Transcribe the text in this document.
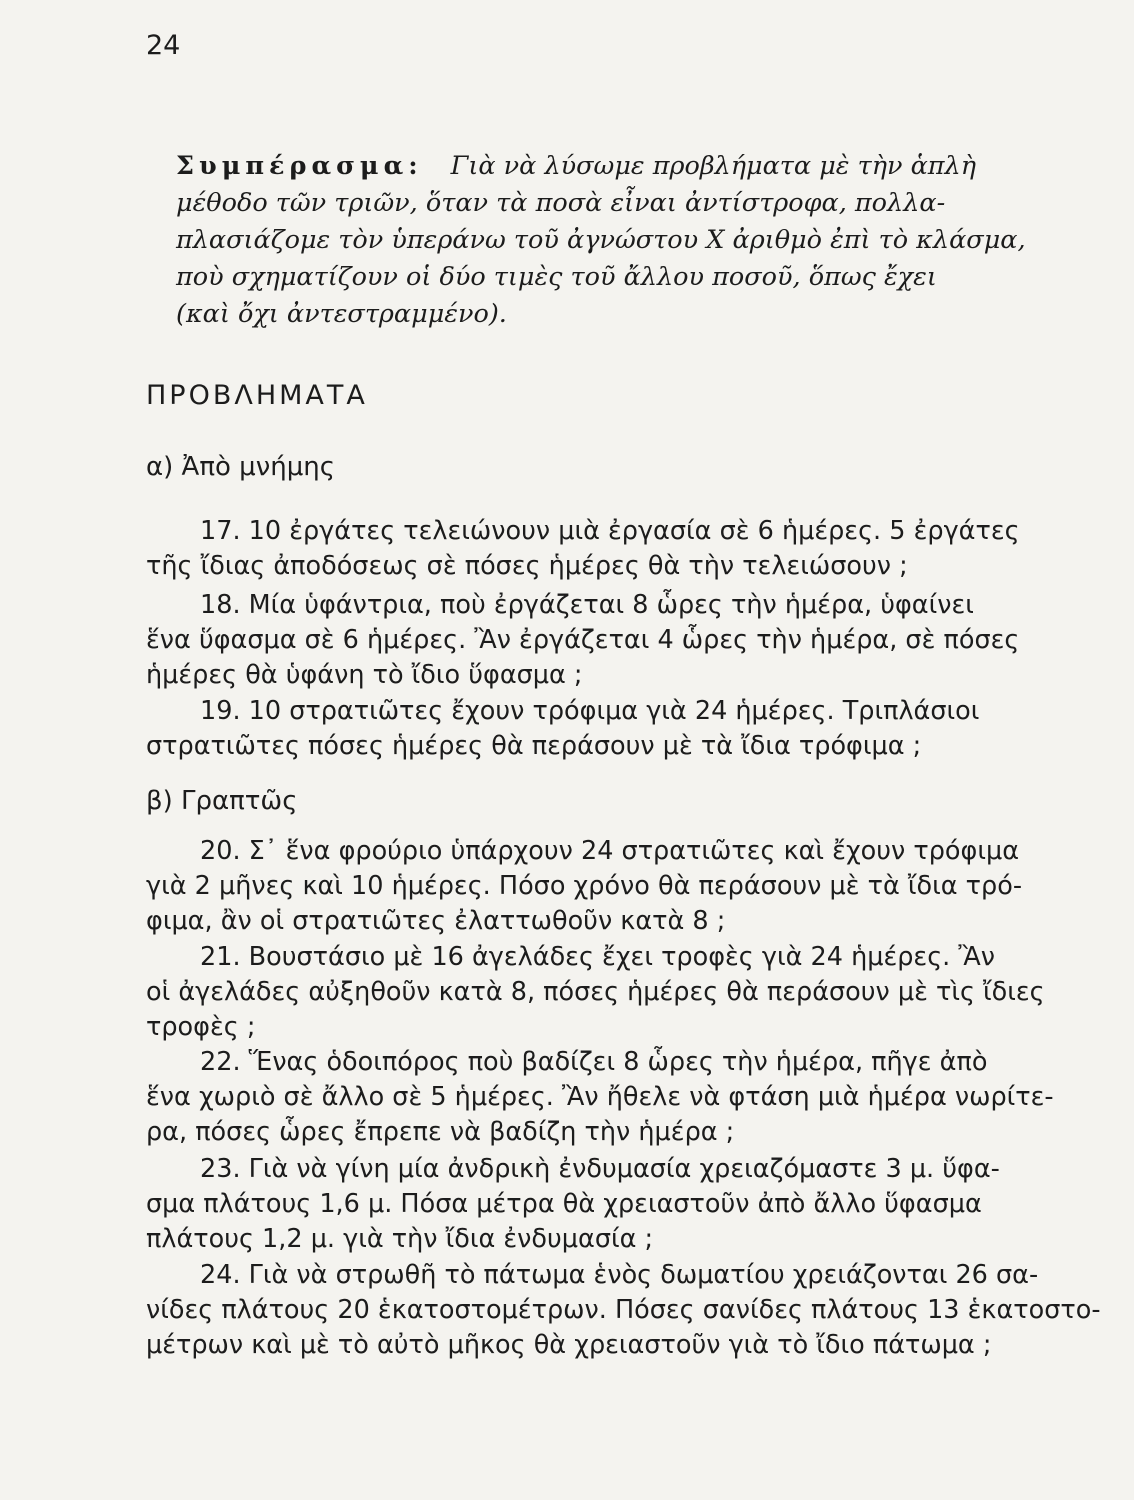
24
Συμπέρασμα: Γιὰ νὰ λύσωμε προβλήματα μὲ τὴν ἁπλὴ
μέθοδο τῶν τριῶν, ὅταν τὰ ποσὰ εἶναι ἀντίστροφα, πολλα-
πλασιάζομε τὸν ὑπεράνω τοῦ ἀγνώστου Χ ἀριθμὸ ἐπὶ τὸ κλάσμα,
ποὺ σχηματίζουν οἱ δύο τιμὲς τοῦ ἄλλου ποσοῦ, ὅπως ἔχει
(καὶ ὄχι ἀντεστραμμένο).
ΠΡΟΒΛΗΜΑΤΑ
α) Ἀπὸ μνήμης
17. 10 ἐργάτες τελειώνουν μιὰ ἐργασία σὲ 6 ἡμέρες. 5 ἐργάτες
τῆς ἴδιας ἀποδόσεως σὲ πόσες ἡμέρες θὰ τὴν τελειώσουν ;
18. Μία ὑφάντρια, ποὺ ἐργάζεται 8 ὧρες τὴν ἡμέρα, ὑφαίνει
ἕνα ὕφασμα σὲ 6 ἡμέρες. Ἂν ἐργάζεται 4 ὧρες τὴν ἡμέρα, σὲ πόσες
ἡμέρες θὰ ὑφάνη τὸ ἴδιο ὕφασμα ;
19. 10 στρατιῶτες ἔχουν τρόφιμα γιὰ 24 ἡμέρες. Τριπλάσιοι
στρατιῶτες πόσες ἡμέρες θὰ περάσουν μὲ τὰ ἴδια τρόφιμα ;
β) Γραπτῶς
20. Σ᾽ ἕνα φρούριο ὑπάρχουν 24 στρατιῶτες καὶ ἔχουν τρόφιμα
γιὰ 2 μῆνες καὶ 10 ἡμέρες. Πόσο χρόνο θὰ περάσουν μὲ τὰ ἴδια τρό-
φιμα, ἂν οἱ στρατιῶτες ἐλαττωθοῦν κατὰ 8 ;
21. Βουστάσιο μὲ 16 ἀγελάδες ἔχει τροφὲς γιὰ 24 ἡμέρες. Ἂν
οἱ ἀγελάδες αὐξηθοῦν κατὰ 8, πόσες ἡμέρες θὰ περάσουν μὲ τὶς ἴδιες
τροφὲς ;
22. Ἕνας ὁδοιπόρος ποὺ βαδίζει 8 ὧρες τὴν ἡμέρα, πῆγε ἀπὸ
ἕνα χωριὸ σὲ ἄλλο σὲ 5 ἡμέρες. Ἂν ἤθελε νὰ φτάση μιὰ ἡμέρα νωρίτε-
ρα, πόσες ὧρες ἔπρεπε νὰ βαδίζη τὴν ἡμέρα ;
23. Γιὰ νὰ γίνη μία ἀνδρικὴ ἐνδυμασία χρειαζόμαστε 3 μ. ὕφα-
σμα πλάτους 1,6 μ. Πόσα μέτρα θὰ χρειαστοῦν ἀπὸ ἄλλο ὕφασμα
πλάτους 1,2 μ. γιὰ τὴν ἴδια ἐνδυμασία ;
24. Γιὰ νὰ στρωθῆ τὸ πάτωμα ἑνὸς δωματίου χρειάζονται 26 σα-
νίδες πλάτους 20 ἑκατοστομέτρων. Πόσες σανίδες πλάτους 13 ἑκατοστο-
μέτρων καὶ μὲ τὸ αὐτὸ μῆκος θὰ χρειαστοῦν γιὰ τὸ ἴδιο πάτωμα ;
